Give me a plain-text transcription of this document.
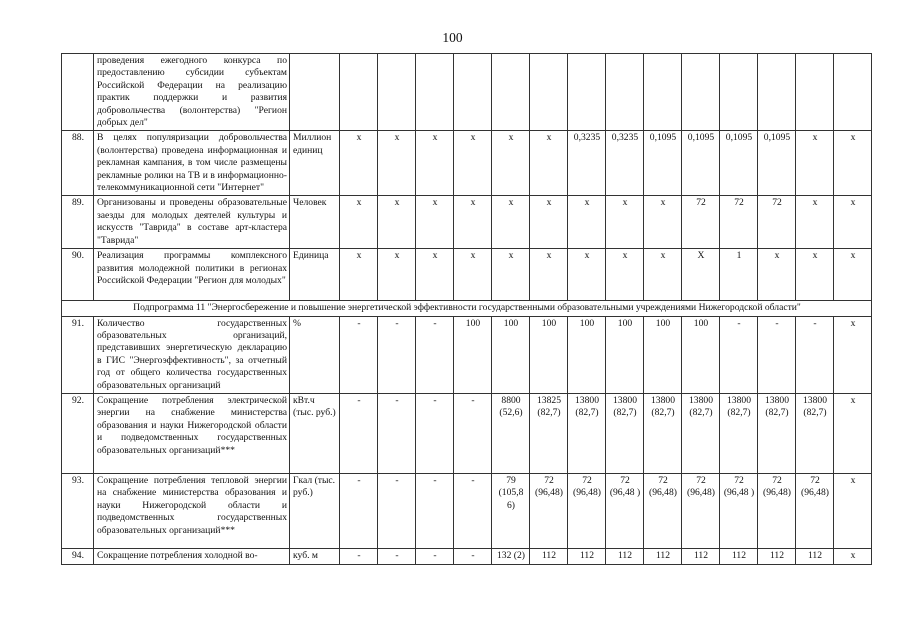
100
	проведения ежегодного конкурса по предоставлению субсидии субъектам Российской Федерации на реализацию практик поддержки и развития добровольчества (волонтерства) "Регион добрых дел"															
88.	В целях популяризации добровольчества (волонтерства) проведена информационная и рекламная кампания, в том числе размещены рекламные ролики на ТВ и в информационно-телекоммуникационной сети "Интернет"	Миллион единиц	x	x	x	x	x	x	0,3235	0,3235	0,1095	0,1095	0,1095	0,1095	x	x
89.	Организованы и проведены образовательные заезды для молодых деятелей культуры и искусств "Таврида" в составе арт-кластера "Таврида"	Человек	x	x	x	x	x	x	x	x	x	72	72	72	x	x
90.	Реализация программы комплексного развития молодежной политики в регионах Российской Федерации "Регион для молодых"	Единица	x	x	x	x	x	x	x	x	x	X	1	x	x	x
Подпрограмма 11 "Энергосбережение и повышение энергетической эффективности государственными образовательными учреждениями Нижегородской области"																
91.	Количество государственных образовательных организаций, представивших энергетическую декларацию в ГИС "Энергоэффективность", за отчетный год от общего количества государственных образовательных организаций	%	-	-	-	100	100	100	100	100	100	100	-	-	-	x
92.	Сокращение потребления электрической энергии на снабжение министерства образования и науки Нижегородской области и подведомственных государственных образовательных организаций***	кВт.ч (тыс. руб.)	-	-	-	-	8800 (52,6)	13825 (82,7)	13800 (82,7)	13800 (82,7)	13800 (82,7)	13800 (82,7)	13800 (82,7)	13800 (82,7)	13800 (82,7)	x
93.	Сокращение потребления тепловой энергии на снабжение министерства образования и науки Нижегородской области и подведомственных государственных образовательных организаций***	Гкал (тыс. руб.)	-	-	-	-	79 (105,8 6)	72 (96,48)	72 (96,48)	72 (96,48 )	72 (96,48)	72 (96,48)	72 (96,48 )	72 (96,48)	72 (96,48)	x
94.	Сокращение потребления холодной во-	куб. м	-	-	-	-	132 (2)	112	112	112	112	112	112	112	112	x
